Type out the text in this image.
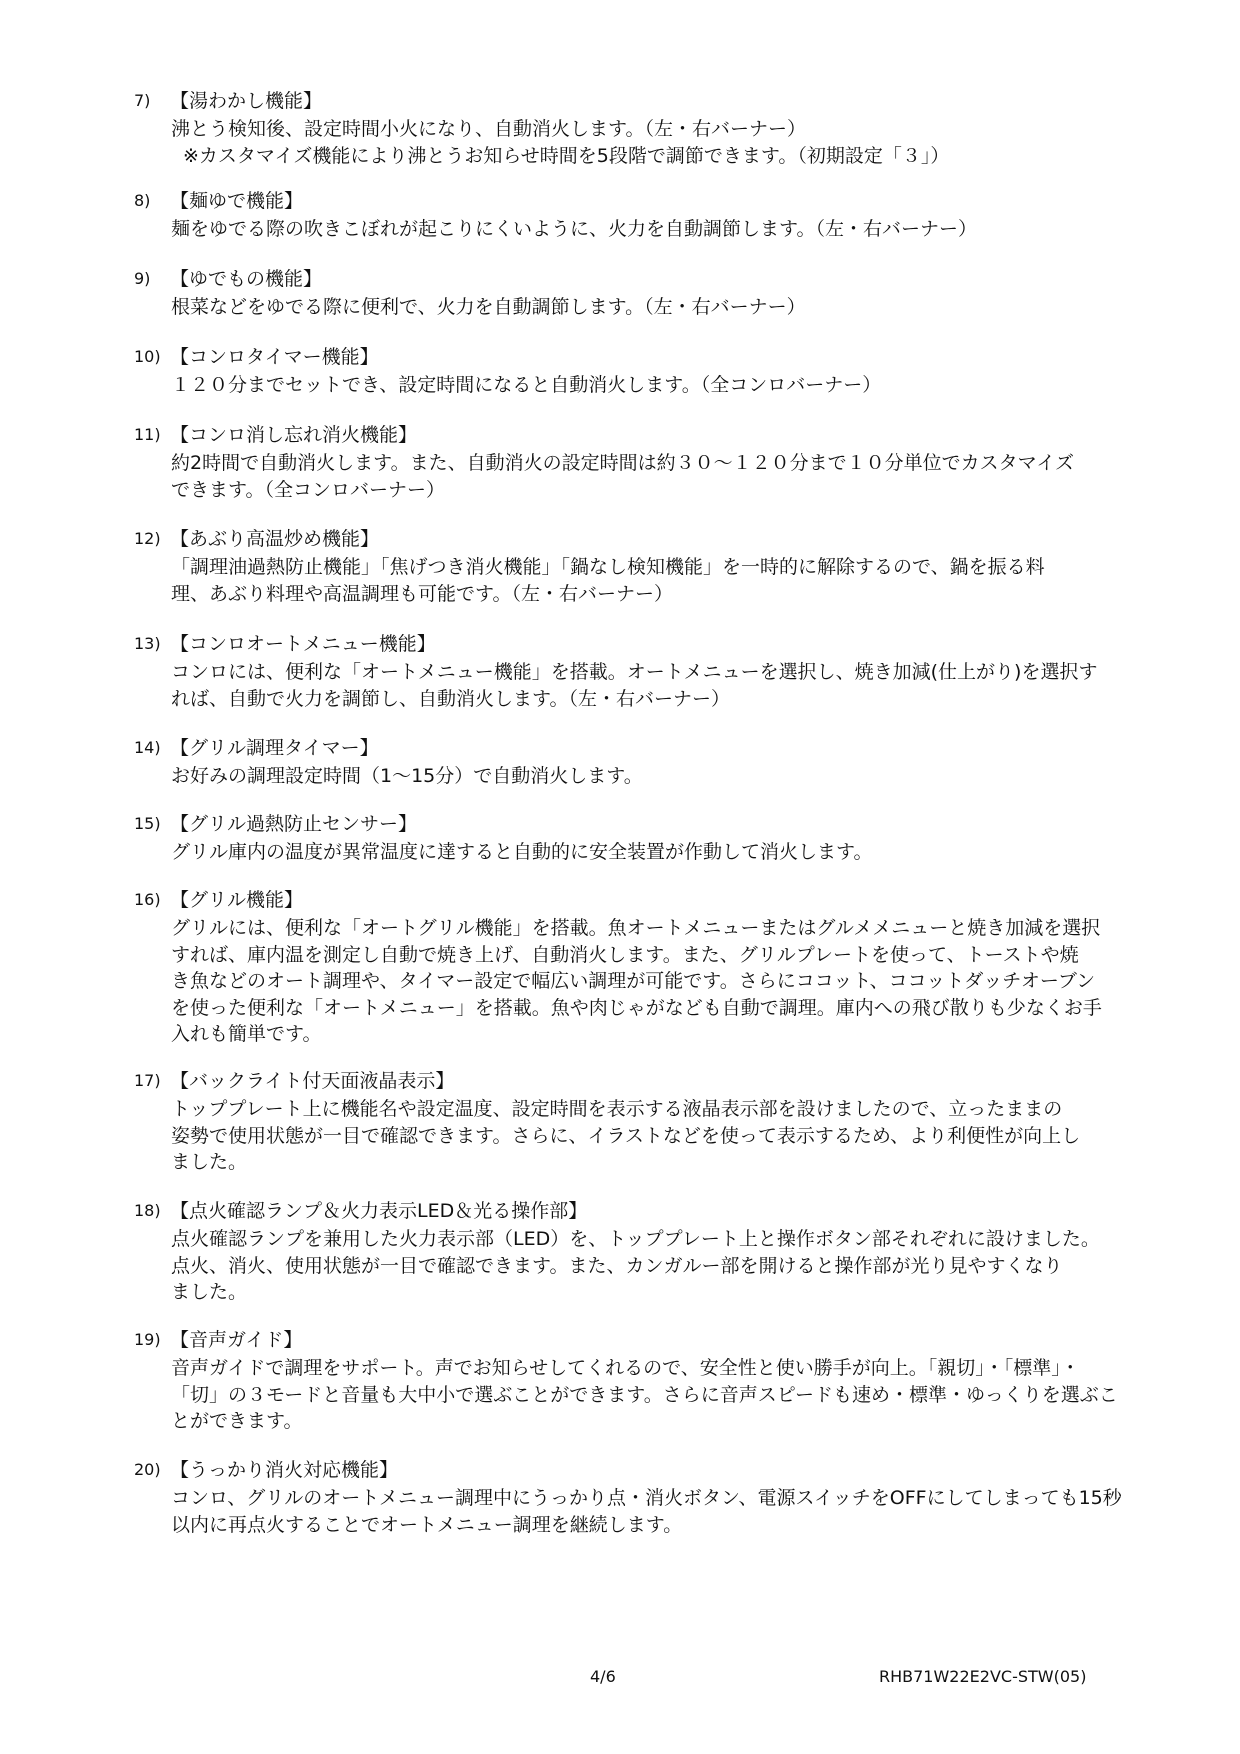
7) 【湯わかし機能】
沸とう検知後、設定時間小火になり、自動消火します。（左・右バーナー）
※カスタマイズ機能により沸とうお知らせ時間を5段階で調節できます。（初期設定「３」）
8) 【麺ゆで機能】
麺をゆでる際の吹きこぼれが起こりにくいように、火力を自動調節します。（左・右バーナー）
9) 【ゆでもの機能】
根菜などをゆでる際に便利で、火力を自動調節します。（左・右バーナー）
10) 【コンロタイマー機能】
１２０分までセットでき、設定時間になると自動消火します。（全コンロバーナー）
11) 【コンロ消し忘れ消火機能】
約2時間で自動消火します。また、自動消火の設定時間は約３０～１２０分まで１０分単位でカスタマイズ
できます。（全コンロバーナー）
12) 【あぶり高温炒め機能】
「調理油過熱防止機能」「焦げつき消火機能」「鍋なし検知機能」を一時的に解除するので、鍋を振る料
理、あぶり料理や高温調理も可能です。（左・右バーナー）
13) 【コンロオートメニュー機能】
コンロには、便利な「オートメニュー機能」を搭載。オートメニューを選択し、焼き加減(仕上がり)を選択す
れば、自動で火力を調節し、自動消火します。（左・右バーナー）
14) 【グリル調理タイマー】
お好みの調理設定時間（1～15分）で自動消火します。
15) 【グリル過熱防止センサー】
グリル庫内の温度が異常温度に達すると自動的に安全装置が作動して消火します。
16) 【グリル機能】
グリルには、便利な「オートグリル機能」を搭載。魚オートメニューまたはグルメメニューと焼き加減を選択
すれば、庫内温を測定し自動で焼き上げ、自動消火します。また、グリルプレートを使って、トーストや焼
き魚などのオート調理や、タイマー設定で幅広い調理が可能です。さらにココット、ココットダッチオーブン
を使った便利な「オートメニュー」を搭載。魚や肉じゃがなども自動で調理。庫内への飛び散りも少なくお手
入れも簡単です。
17) 【バックライト付天面液晶表示】
トッププレート上に機能名や設定温度、設定時間を表示する液晶表示部を設けましたので、立ったままの
姿勢で使用状態が一目で確認できます。さらに、イラストなどを使って表示するため、より利便性が向上し
ました。
18) 【点火確認ランプ＆火力表示LED＆光る操作部】
点火確認ランプを兼用した火力表示部（LED）を、トッププレート上と操作ボタン部それぞれに設けました。
点火、消火、使用状態が一目で確認できます。また、カンガルー部を開けると操作部が光り見やすくなり
ました。
19) 【音声ガイド】
音声ガイドで調理をサポート。声でお知らせしてくれるので、安全性と使い勝手が向上。「親切」・「標準」・
「切」の３モードと音量も大中小で選ぶことができます。さらに音声スピードも速め・標準・ゆっくりを選ぶこ
とができます。
20) 【うっかり消火対応機能】
コンロ、グリルのオートメニュー調理中にうっかり点・消火ボタン、電源スイッチをOFFにしてしまっても15秒
以内に再点火することでオートメニュー調理を継続します。
4/6	RHB71W22E2VC-STW(05)
